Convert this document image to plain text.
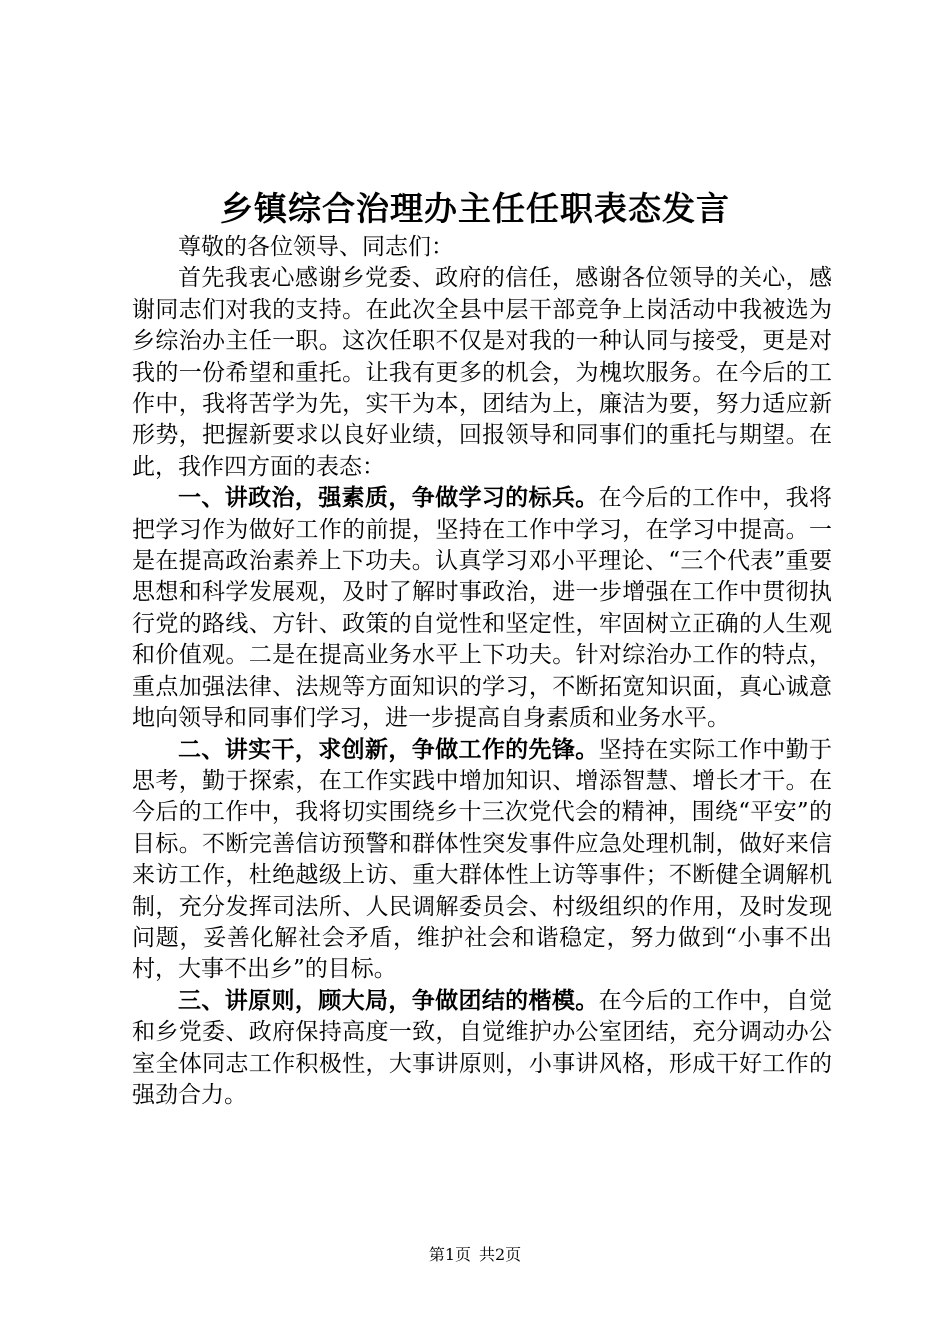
乡镇综合治理办主任任职表态发言

尊敬的各位领导、同志们：

首先我衷心感谢乡党委、政府的信任，感谢各位领导的关心，感谢同志们对我的支持。在此次全县中层干部竞争上岗活动中我被选为乡综治办主任一职。这次任职不仅是对我的一种认同与接受，更是对我的一份希望和重托。让我有更多的机会，为槐坎服务。在今后的工作中，我将苦学为先，实干为本，团结为上，廉洁为要，努力适应新形势，把握新要求以良好业绩，回报领导和同事们的重托与期望。在此，我作四方面的表态：

一、讲政治，强素质，争做学习的标兵。在今后的工作中，我将把学习作为做好工作的前提，坚持在工作中学习，在学习中提高。一是在提高政治素养上下功夫。认真学习邓小平理论、“三个代表”重要思想和科学发展观，及时了解时事政治，进一步增强在工作中贯彻执行党的路线、方针、政策的自觉性和坚定性，牢固树立正确的人生观和价值观。二是在提高业务水平上下功夫。针对综治办工作的特点，重点加强法律、法规等方面知识的学习，不断拓宽知识面，真心诚意地向领导和同事们学习，进一步提高自身素质和业务水平。

二、讲实干，求创新，争做工作的先锋。坚持在实际工作中勤于思考，勤于探索，在工作实践中增加知识、增添智慧、增长才干。在今后的工作中，我将切实围绕乡十三次党代会的精神，围绕“平安”的目标。不断完善信访预警和群体性突发事件应急处理机制，做好来信来访工作，杜绝越级上访、重大群体性上访等事件；不断健全调解机制，充分发挥司法所、人民调解委员会、村级组织的作用，及时发现问题，妥善化解社会矛盾，维护社会和谐稳定，努力做到“小事不出村，大事不出乡”的目标。

三、讲原则，顾大局，争做团结的楷模。在今后的工作中，自觉和乡党委、政府保持高度一致，自觉维护办公室团结，充分调动办公室全体同志工作积极性，大事讲原则，小事讲风格，形成干好工作的强劲合力。

第1页 共2页
